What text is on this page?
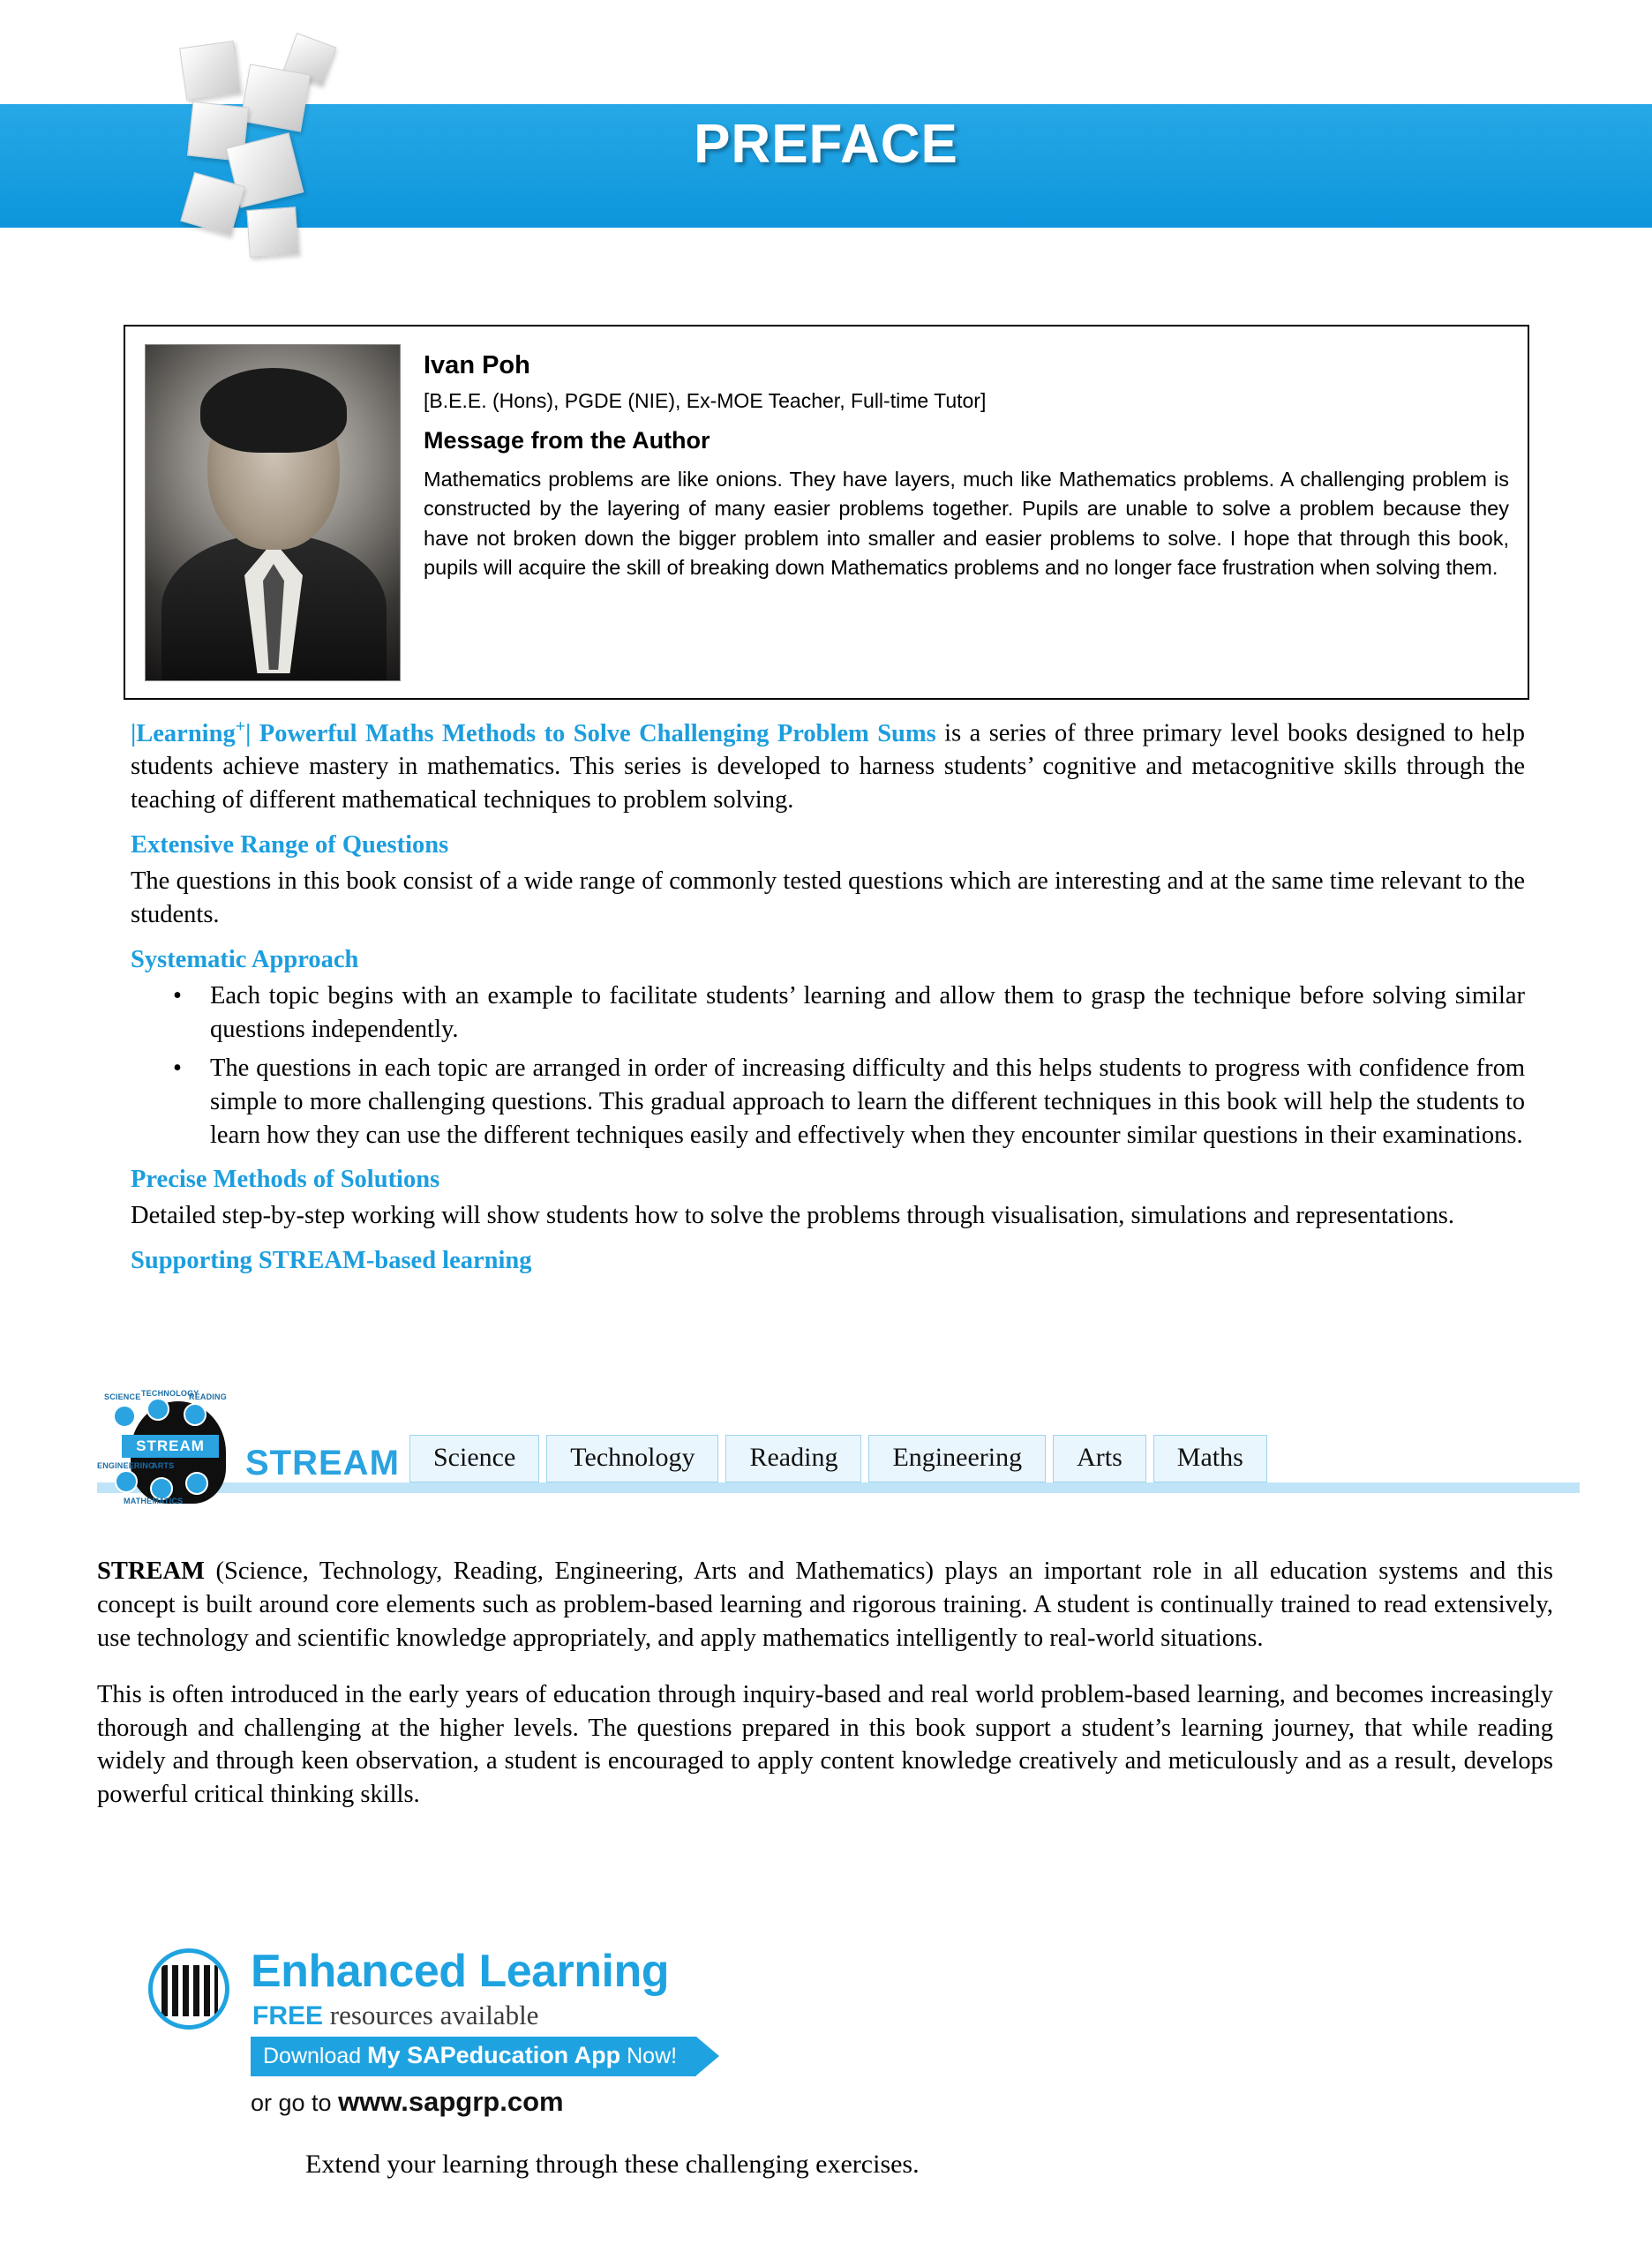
PREFACE
Ivan Poh
[B.E.E. (Hons), PGDE (NIE), Ex-MOE Teacher, Full-time Tutor]
Message from the Author
Mathematics problems are like onions. They have layers, much like Mathematics problems. A challenging problem is constructed by the layering of many easier problems together. Pupils are unable to solve a problem because they have not broken down the bigger problem into smaller and easier problems to solve. I hope that through this book, pupils will acquire the skill of breaking down Mathematics problems and no longer face frustration when solving them.

|Learning+| Powerful Maths Methods to Solve Challenging Problem Sums is a series of three primary level books designed to help students achieve mastery in mathematics. This series is developed to harness students’ cognitive and metacognitive skills through the teaching of different mathematical techniques to problem solving.

Extensive Range of Questions

The questions in this book consist of a wide range of commonly tested questions which are interesting and at the same time relevant to the students.

Systematic Approach
• Each topic begins with an example to facilitate students’ learning and allow them to grasp the technique before solving similar questions independently.
• The questions in each topic are arranged in order of increasing difficulty and this helps students to progress with confidence from simple to more challenging questions. This gradual approach to learn the different techniques in this book will help the students to learn how they can use the different techniques easily and effectively when they encounter similar questions in their examinations.
Precise Methods of Solutions

Detailed step-by-step working will show students how to solve the problems through visualisation, simulations and representations.

Supporting STREAM-based learning
STREAM
SCIENCE TECHNOLOGY
READING
ENGINEERING
ARTS
MATHEMATICS
STREAM	Science	Technology	Reading	Engineering	Arts	Maths

STREAM (Science, Technology, Reading, Engineering, Arts and Mathematics) plays an important role in all education systems and this concept is built around core elements such as problem-based learning and rigorous training. A student is continually trained to read extensively, use technology and scientific knowledge appropriately, and apply mathematics intelligently to real-world situations.

This is often introduced in the early years of education through inquiry-based and real world problem-based learning, and becomes increasingly thorough and challenging at the higher levels. The questions prepared in this book support a student’s learning journey, that while reading widely and through keen observation, a student is encouraged to apply content knowledge creatively and meticulously and as a result, develops powerful critical thinking skills.

Enhanced Learning
FREE resources available
Download My SAPeducation App Now!
or go to www.sapgrp.com
Extend your learning through these challenging exercises.
